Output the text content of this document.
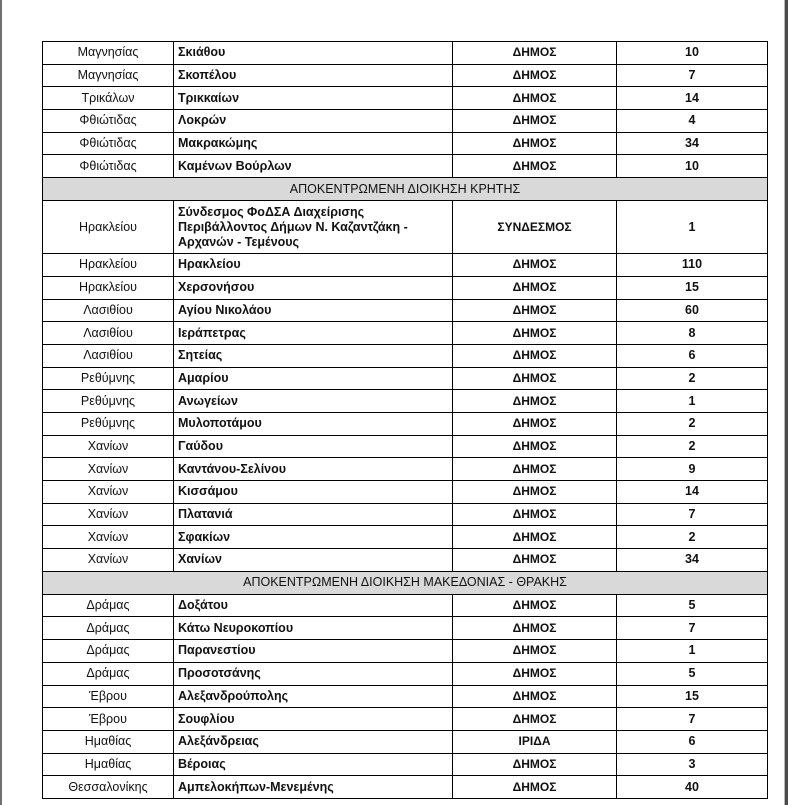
Μαγνησίας	Σκιάθου	ΔΗΜΟΣ	10
Μαγνησίας	Σκοπέλου	ΔΗΜΟΣ	7
Τρικάλων	Τρικκαίων	ΔΗΜΟΣ	14
Φθιώτιδας	Λοκρών	ΔΗΜΟΣ	4
Φθιώτιδας	Μακρακώμης	ΔΗΜΟΣ	34
Φθιώτιδας	Καμένων Βούρλων	ΔΗΜΟΣ	10
ΑΠΟΚΕΝΤΡΩΜΕΝΗ ΔΙΟΙΚΗΣΗ ΚΡΗΤΗΣ			
Ηρακλείου	Σύνδεσμος ΦοΔΣΑ Διαχείρισης Περιβάλλοντος Δήμων Ν. Καζαντζάκη - Αρχανών - Τεμένους	ΣΥΝΔΕΣΜΟΣ	1
Ηρακλείου	Ηρακλείου	ΔΗΜΟΣ	110
Ηρακλείου	Χερσονήσου	ΔΗΜΟΣ	15
Λασιθίου	Αγίου Νικολάου	ΔΗΜΟΣ	60
Λασιθίου	Ιεράπετρας	ΔΗΜΟΣ	8
Λασιθίου	Σητείας	ΔΗΜΟΣ	6
Ρεθύμνης	Αμαρίου	ΔΗΜΟΣ	2
Ρεθύμνης	Ανωγείων	ΔΗΜΟΣ	1
Ρεθύμνης	Μυλοποτάμου	ΔΗΜΟΣ	2
Χανίων	Γαύδου	ΔΗΜΟΣ	2
Χανίων	Καντάνου-Σελίνου	ΔΗΜΟΣ	9
Χανίων	Κισσάμου	ΔΗΜΟΣ	14
Χανίων	Πλατανιά	ΔΗΜΟΣ	7
Χανίων	Σφακίων	ΔΗΜΟΣ	2
Χανίων	Χανίων	ΔΗΜΟΣ	34
ΑΠΟΚΕΝΤΡΩΜΕΝΗ ΔΙΟΙΚΗΣΗ ΜΑΚΕΔΟΝΙΑΣ - ΘΡΑΚΗΣ			
Δράμας	Δοξάτου	ΔΗΜΟΣ	5
Δράμας	Κάτω Νευροκοπίου	ΔΗΜΟΣ	7
Δράμας	Παρανεστίου	ΔΗΜΟΣ	1
Δράμας	Προσοτσάνης	ΔΗΜΟΣ	5
Έβρου	Αλεξανδρούπολης	ΔΗΜΟΣ	15
Έβρου	Σουφλίου	ΔΗΜΟΣ	7
Ημαθίας	Αλεξάνδρειας	ΙΡΙΔΑ	6
Ημαθίας	Βέροιας	ΔΗΜΟΣ	3
Θεσσαλονίκης	Αμπελοκήπων-Μενεμένης	ΔΗΜΟΣ	40
